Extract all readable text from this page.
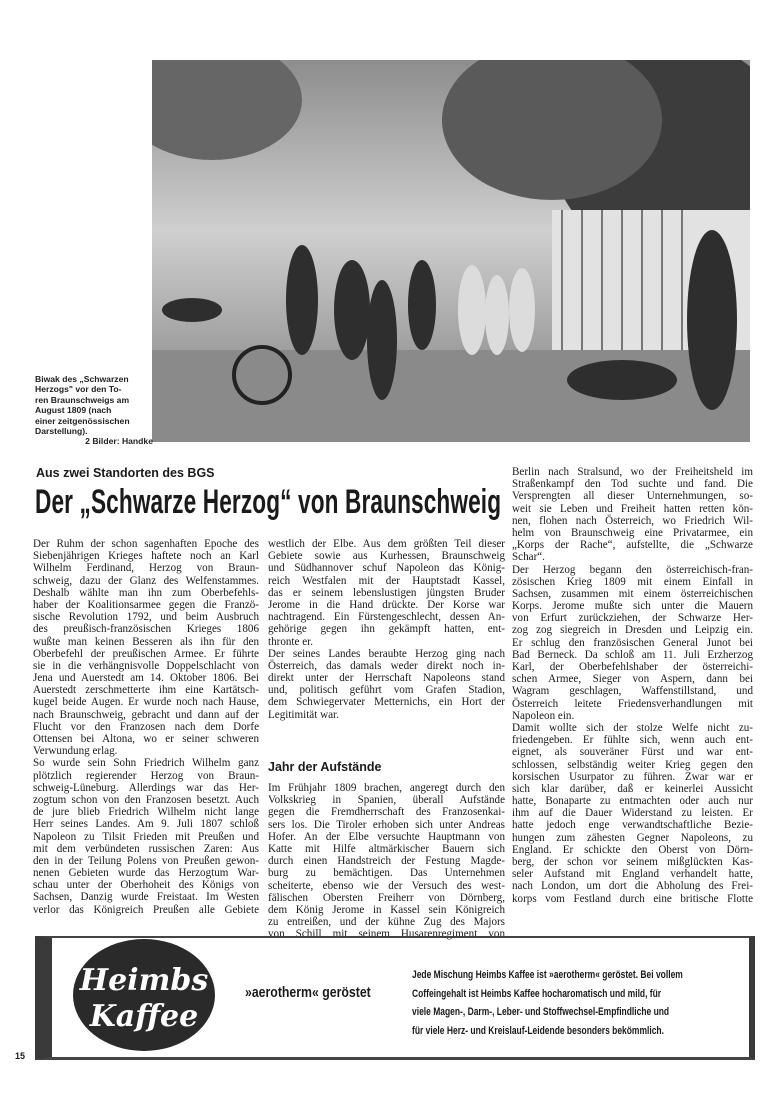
Biwak des „Schwarzen
Herzogs" vor den To-
ren Braunschweigs am
August 1809 (nach
einer zeitgenössischen
Darstellung).
2 Bilder: Handke
Aus zwei Standorten des BGS
Der „Schwarze Herzog“ von Braunschweig
Der Ruhm der schon sagenhaften Epoche des
Siebenjährigen Krieges haftete noch an Karl
Wilhelm Ferdinand, Herzog von Braun-
schweig, dazu der Glanz des Welfenstammes.
Deshalb wählte man ihn zum Oberbefehls-
haber der Koalitionsarmee gegen die Franzö-
sische Revolution 1792, und beim Ausbruch
des preußisch-französischen Krieges 1806
wußte man keinen Besseren als ihn für den
Oberbefehl der preußischen Armee. Er führte
sie in die verhängnisvolle Doppelschlacht von
Jena und Auerstedt am 14. Oktober 1806. Bei
Auerstedt zerschmetterte ihm eine Kartätsch-
kugel beide Augen. Er wurde noch nach Hause,
nach Braunschweig, gebracht und dann auf der
Flucht vor den Franzosen nach dem Dorfe
Ottensen bei Altona, wo er seiner schweren
Verwundung erlag.
So wurde sein Sohn Friedrich Wilhelm ganz
plötzlich regierender Herzog von Braun-
schweig-Lüneburg. Allerdings war das Her-
zogtum schon von den Franzosen besetzt. Auch
de jure blieb Friedrich Wilhelm nicht lange
Herr seines Landes. Am 9. Juli 1807 schloß
Napoleon zu Tilsit Frieden mit Preußen und
mit dem verbündeten russischen Zaren: Aus
den in der Teilung Polens von Preußen gewon-
nenen Gebieten wurde das Herzogtum War-
schau unter der Oberhoheit des Königs von
Sachsen, Danzig wurde Freistaat. Im Westen
verlor das Königreich Preußen alle Gebiete
westlich der Elbe. Aus dem größten Teil dieser
Gebiete sowie aus Kurhessen, Braunschweig
und Südhannover schuf Napoleon das König-
reich Westfalen mit der Hauptstadt Kassel,
das er seinem lebenslustigen jüngsten Bruder
Jerome in die Hand drückte. Der Korse war
nachtragend. Ein Fürstengeschlecht, dessen An-
gehörige gegen ihn gekämpft hatten, ent-
thronte er.
Der seines Landes beraubte Herzog ging nach
Österreich, das damals weder direkt noch in-
direkt unter der Herrschaft Napoleons stand
und, politisch geführt vom Grafen Stadion,
dem Schwiegervater Metternichs, ein Hort der
Legitimität war.
Jahr der Aufstände
Im Frühjahr 1809 brachen, angeregt durch den
Volkskrieg in Spanien, überall Aufstände
gegen die Fremdherrschaft des Franzosenkai-
sers los. Die Tiroler erhoben sich unter Andreas
Hofer. An der Elbe versuchte Hauptmann von
Katte mit Hilfe altmärkischer Bauern sich
durch einen Handstreich der Festung Magde-
burg zu bemächtigen. Das Unternehmen
scheiterte, ebenso wie der Versuch des west-
fälischen Obersten Freiherr von Dörnberg,
dem König Jerome in Kassel sein Königreich
zu entreißen, und der kühne Zug des Majors
von Schill mit seinem Husarenregiment von
Berlin nach Stralsund, wo der Freiheitsheld im
Straßenkampf den Tod suchte und fand. Die
Versprengten all dieser Unternehmungen, so-
weit sie Leben und Freiheit hatten retten kön-
nen, flohen nach Österreich, wo Friedrich Wil-
helm von Braunschweig eine Privatarmee, ein
„Korps der Rache“, aufstellte, die „Schwarze
Schar“.
Der Herzog begann den österreichisch-fran-
zösischen Krieg 1809 mit einem Einfall in
Sachsen, zusammen mit einem österreichischen
Korps. Jerome mußte sich unter die Mauern
von Erfurt zurückziehen, der Schwarze Her-
zog zog siegreich in Dresden und Leipzig ein.
Er schlug den französischen General Junot bei
Bad Berneck. Da schloß am 11. Juli Erzherzog
Karl, der Oberbefehlshaber der österreichi-
schen Armee, Sieger von Aspern, dann bei
Wagram geschlagen, Waffenstillstand, und
Österreich leitete Friedensverhandlungen mit
Napoleon ein.
Damit wollte sich der stolze Welfe nicht zu-
friedengeben. Er fühlte sich, wenn auch ent-
eignet, als souveräner Fürst und war ent-
schlossen, selbständig weiter Krieg gegen den
korsischen Usurpator zu führen. Zwar war er
sich klar darüber, daß er keinerlei Aussicht
hatte, Bonaparte zu entmachten oder auch nur
ihm auf die Dauer Widerstand zu leisten. Er
hatte jedoch enge verwandtschaftliche Bezie-
hungen zum zähesten Gegner Napoleons, zu
England. Er schickte den Oberst von Dörn-
berg, der schon vor seinem mißglückten Kas-
seler Aufstand mit England verhandelt hatte,
nach London, um dort die Abholung des Frei-
korps vom Festland durch eine britische Flotte
Heimbs
Kaffee
»aerotherm« geröstet
Jede Mischung Heimbs Kaffee ist »aerotherm« geröstet. Bei vollem
Coffeingehalt ist Heimbs Kaffee hocharomatisch und mild, für
viele Magen-, Darm-, Leber- und Stoffwechsel-Empfindliche und
für viele Herz- und Kreislauf-Leidende besonders bekömmlich.
15
